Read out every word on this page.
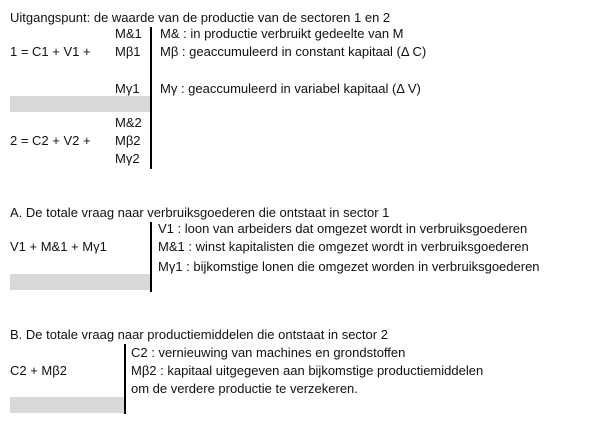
Uitgangspunt: de waarde van de productie van de sectoren 1 en 2
1 = C1 + V1 +
M&1
Mβ1
Mγ1
M& : in productie verbruikt gedeelte van M
Mβ : geaccumuleerd in constant kapitaal (Δ C)
Mγ : geaccumuleerd in variabel kapitaal (Δ V)
2 = C2 + V2 +
M&2
Mβ2
Mγ2
A. De totale vraag naar verbruiksgoederen die ontstaat in sector 1
V1 + M&1 + Mγ1
V1 : loon van arbeiders dat omgezet wordt in verbruiksgoederen
M&1 : winst kapitalisten die omgezet wordt in verbruiksgoederen
Mγ1 : bijkomstige lonen die omgezet worden in verbruiksgoederen
B. De totale vraag naar productiemiddelen die ontstaat in sector 2
C2 + Mβ2
C2 : vernieuwing van machines en grondstoffen
Mβ2 : kapitaal uitgegeven aan bijkomstige productiemiddelen
om de verdere productie te verzekeren.
